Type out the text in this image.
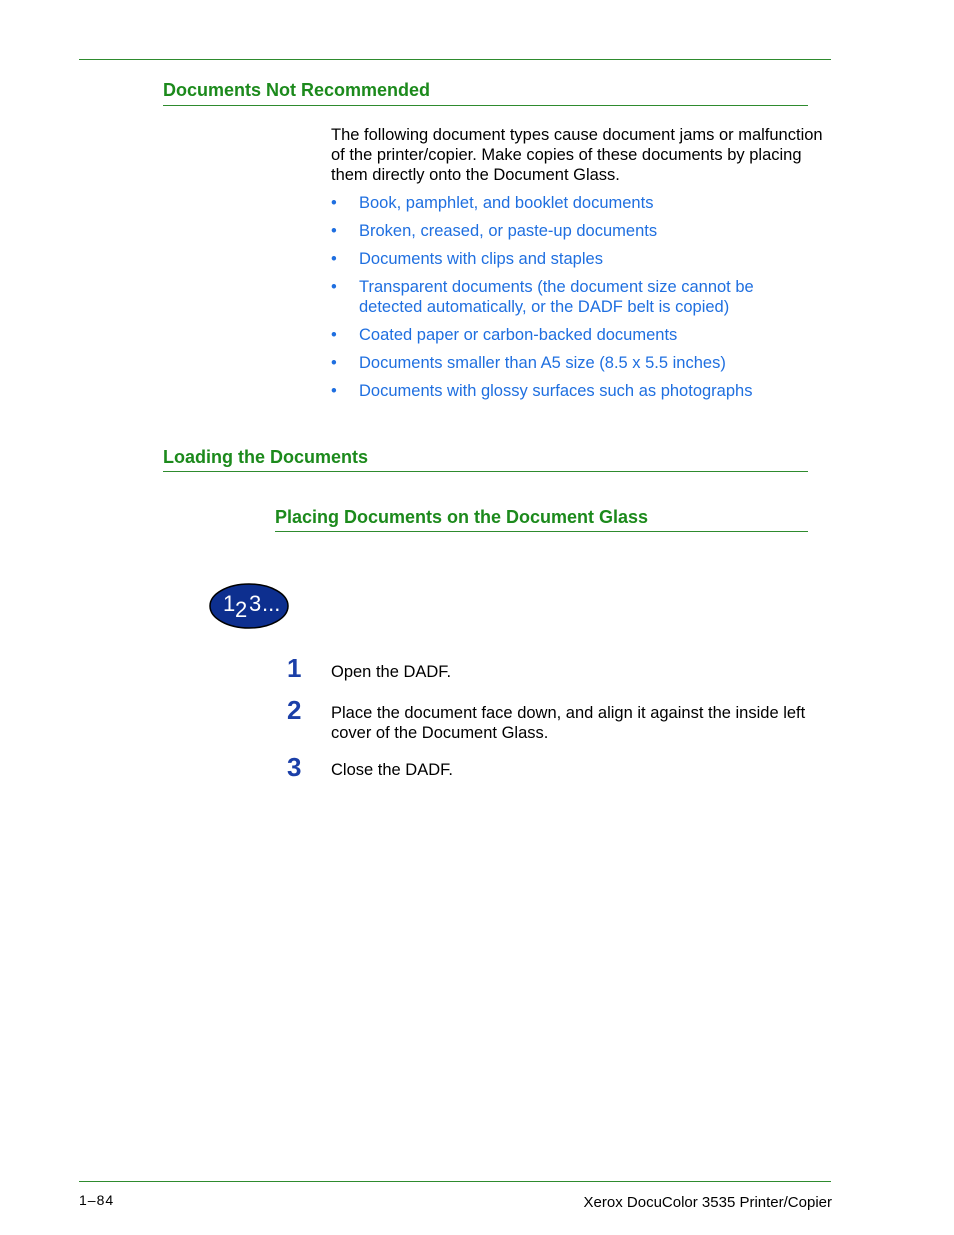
Documents Not Recommended

The following document types cause document jams or malfunction of the printer/copier. Make copies of these documents by placing them directly onto the Document Glass.

• Book, pamphlet, and booklet documents
• Broken, creased, or paste-up documents
• Documents with clips and staples
• Transparent documents (the document size cannot be detected automatically, or the DADF belt is copied)
• Coated paper or carbon-backed documents
• Documents smaller than A5 size (8.5 x 5.5 inches)
• Documents with glossy surfaces such as photographs
Loading the Documents
Placing Documents on the Document Glass
1 2 3 ...
1 Open the DADF.

2 Place the document face down, and align it against the inside left cover of the Document Glass.

3 Close the DADF.

1–84	Xerox DocuColor 3535 Printer/Copier
